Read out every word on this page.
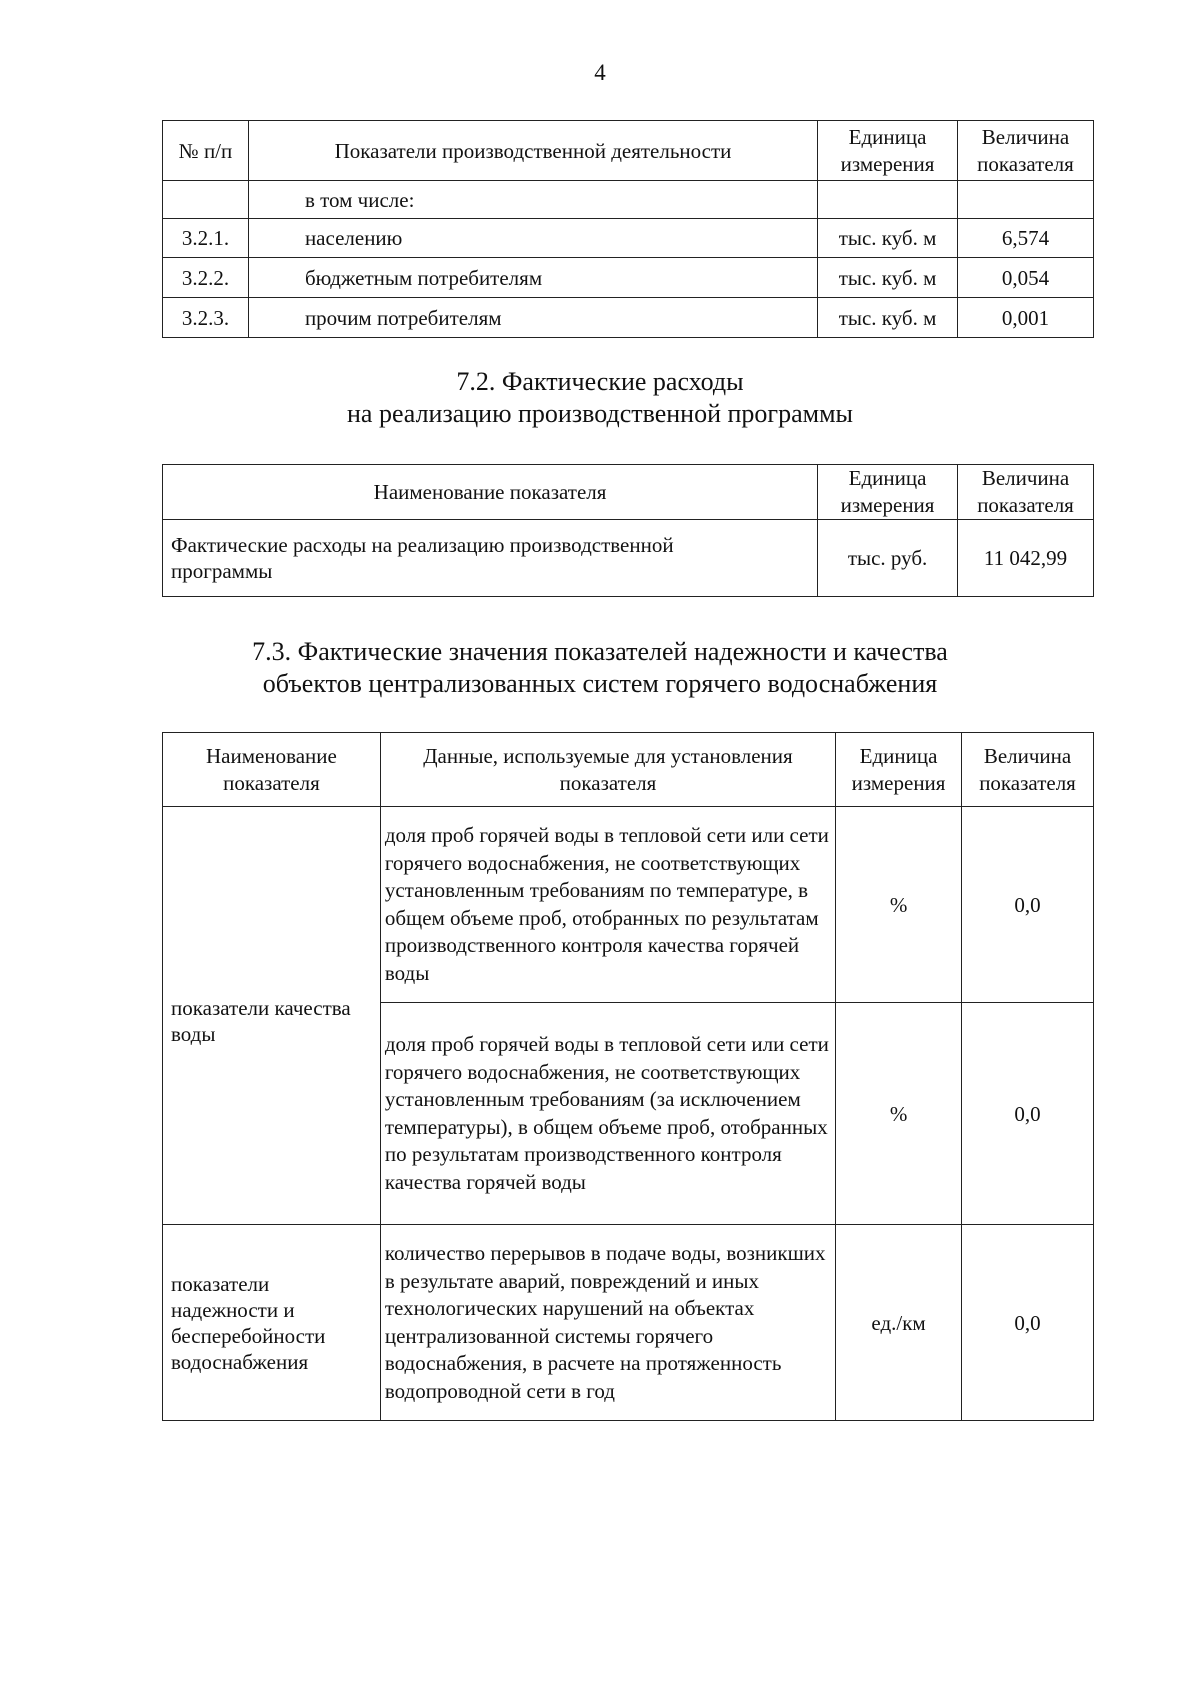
4
№ п/п	Показатели производственной деятельности	Единица измерения	Величина показателя
	в том числе:		
3.2.1.	населению	тыс. куб. м	6,574
3.2.2.	бюджетным потребителям	тыс. куб. м	0,054
3.2.3.	прочим потребителям	тыс. куб. м	0,001
7.2. Фактические расходы
на реализацию производственной программы
Наименование показателя	Единица измерения	Величина показателя
Фактические расходы на реализацию производственной программы	тыс. руб.	11 042,99
7.3. Фактические значения показателей надежности и качества
объектов централизованных систем горячего водоснабжения
Наименование показателя	Данные, используемые для установления показателя	Единица измерения	Величина показателя
показатели качества воды	доля проб горячей воды в тепловой сети или сети горячего водоснабжения, не соответствующих установленным требованиям по температуре, в общем объеме проб, отобранных по результатам производственного контроля качества горячей воды	%	0,0
	доля проб горячей воды в тепловой сети или сети горячего водоснабжения, не соответствующих установленным требованиям (за исключением температуры), в общем объеме проб, отобранных по результатам производственного контроля качества горячей воды	%	0,0
показатели надежности и бесперебойности водоснабжения	количество перерывов в подаче воды, возникших в результате аварий, повреждений и иных технологических нарушений на объектах централизованной системы горячего водоснабжения, в расчете на протяженность водопроводной сети в год	ед./км	0,0
